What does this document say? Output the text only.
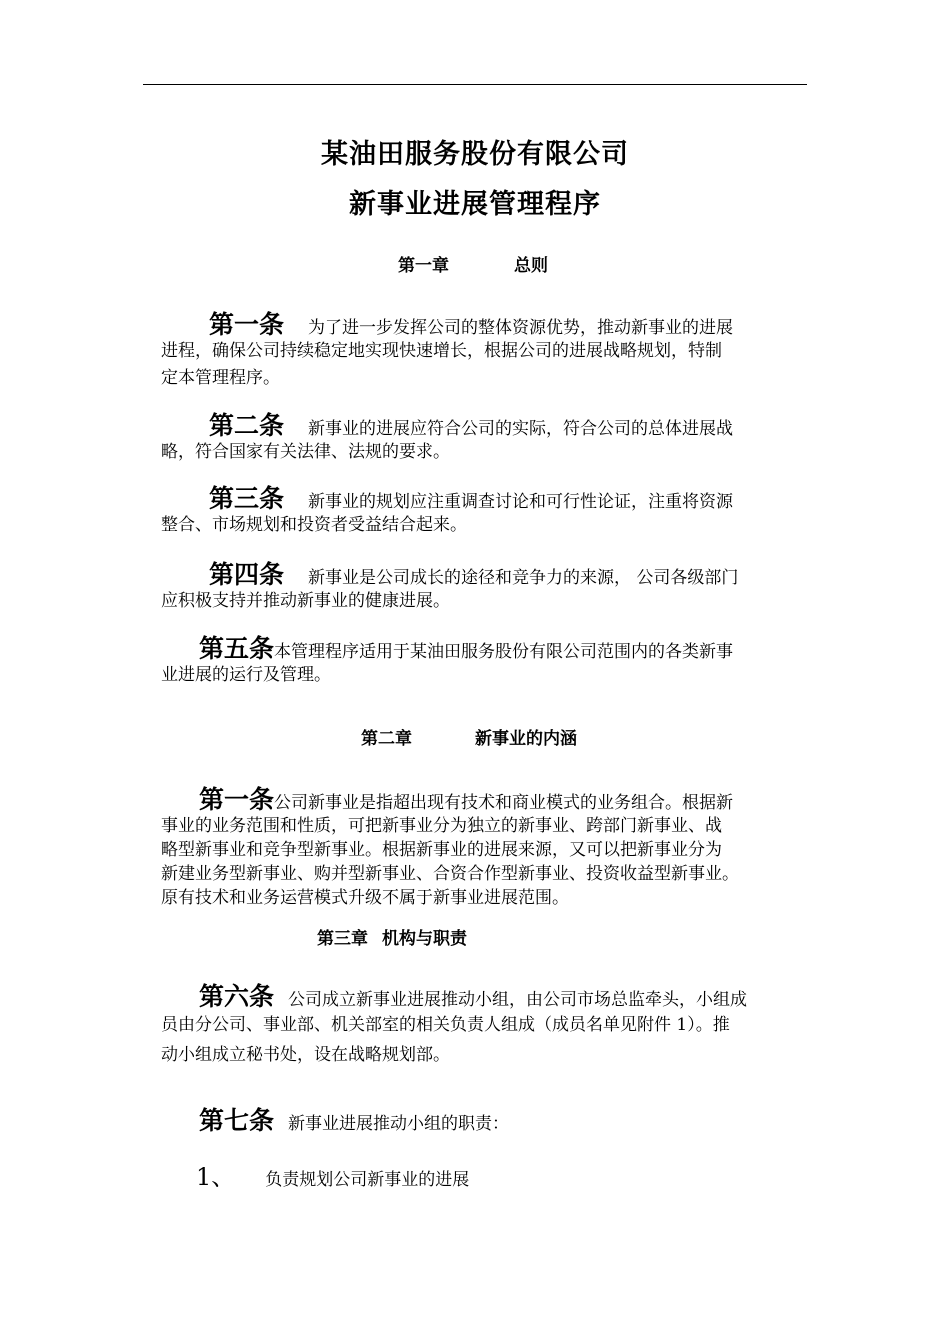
某油田服务股份有限公司
新事业进展管理程序
第一章	总则
第一条 为了进一步发挥公司的整体资源优势，推动新事业的进展
进程，确保公司持续稳定地实现快速增长，根据公司的进展战略规划，特制
定本管理程序。
第二条 新事业的进展应符合公司的实际，符合公司的总体进展战
略，符合国家有关法律、法规的要求。
第三条 新事业的规划应注重调查讨论和可行性论证，注重将资源
整合、市场规划和投资者受益结合起来。
第四条 新事业是公司成长的途径和竞争力的来源， 公司各级部门
应积极支持并推动新事业的健康进展。
第五条本管理程序适用于某油田服务股份有限公司范围内的各类新事
业进展的运行及管理。
第二章	新事业的内涵
第一条公司新事业是指超出现有技术和商业模式的业务组合。根据新
事业的业务范围和性质，可把新事业分为独立的新事业、跨部门新事业、战
略型新事业和竞争型新事业。根据新事业的进展来源，又可以把新事业分为
新建业务型新事业、购并型新事业、合资合作型新事业、投资收益型新事业。
原有技术和业务运营模式升级不属于新事业进展范围。
第三章 机构与职责
第六条 公司成立新事业进展推动小组，由公司市场总监牵头，小组成
员由分公司、事业部、机关部室的相关负责人组成（成员名单见附件 1）。推
动小组成立秘书处，设在战略规划部。
第七条 新事业进展推动小组的职责：
1、 负责规划公司新事业的进展
